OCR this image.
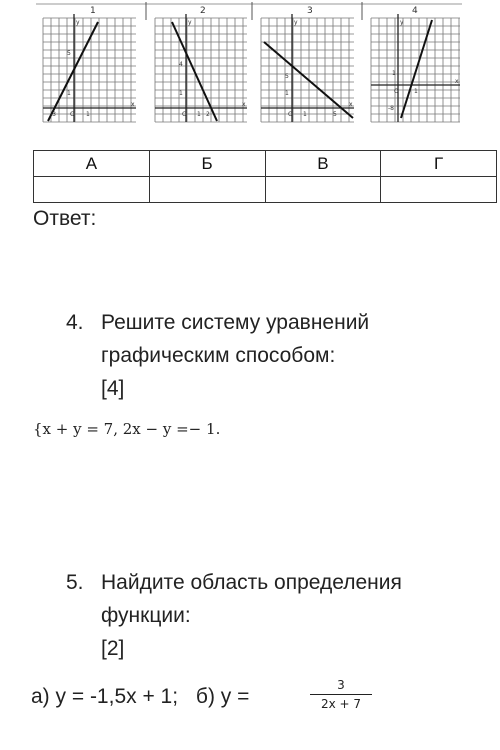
1
y
x
5
1
-3 O 1
2
y
x
4
1
O 1 2
3
y
x
5
1
O 1	5
4
y
x
1
-8
O	1
А	Б	В	Г

Ответ:
4. Решите систему уравнений
графическим способом:
[4]
{x + y = 7, 2x − y =− 1.
5. Найдите область определения
функции:
[2]
а) y = -1,5x + 1; б) y =	$\frac{3}{2x + 7}$
